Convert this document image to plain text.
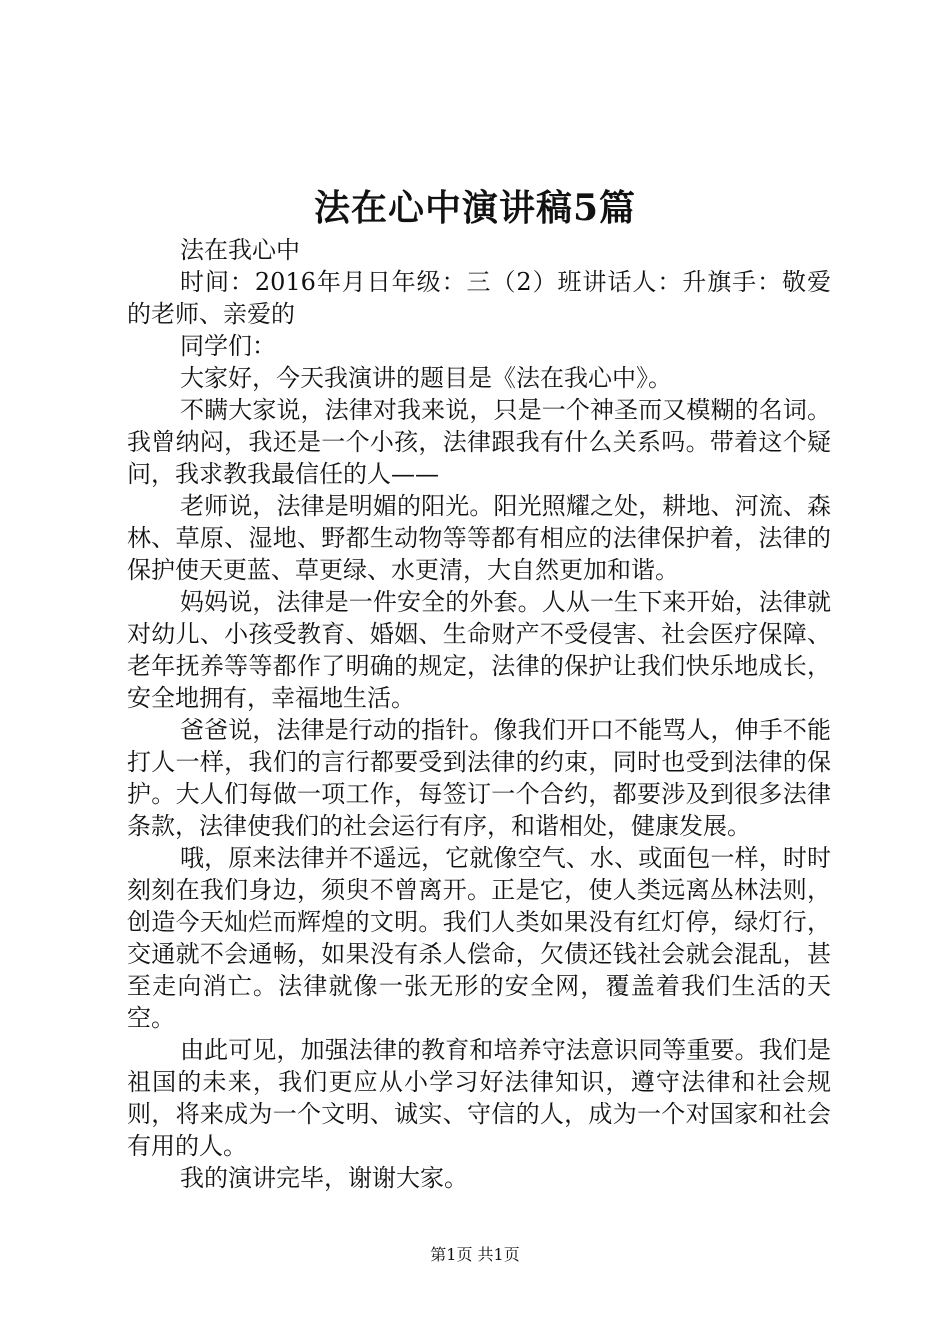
法在心中演讲稿5篇

法在我心中

时间：2016年月日年级：三（2）班讲话人：升旗手：敬爱的老师、亲爱的

同学们：

大家好，今天我演讲的题目是《法在我心中》。

不瞒大家说，法律对我来说，只是一个神圣而又模糊的名词。我曾纳闷，我还是一个小孩，法律跟我有什么关系吗。带着这个疑问，我求教我最信任的人——

老师说，法律是明媚的阳光。阳光照耀之处，耕地、河流、森林、草原、湿地、野都生动物等等都有相应的法律保护着，法律的保护使天更蓝、草更绿、水更清，大自然更加和谐。

妈妈说，法律是一件安全的外套。人从一生下来开始，法律就对幼儿、小孩受教育、婚姻、生命财产不受侵害、社会医疗保障、老年抚养等等都作了明确的规定，法律的保护让我们快乐地成长，安全地拥有，幸福地生活。

爸爸说，法律是行动的指针。像我们开口不能骂人，伸手不能打人一样，我们的言行都要受到法律的约束，同时也受到法律的保护。大人们每做一项工作，每签订一个合约，都要涉及到很多法律条款，法律使我们的社会运行有序，和谐相处，健康发展。

哦，原来法律并不遥远，它就像空气、水、或面包一样，时时刻刻在我们身边，须臾不曾离开。正是它，使人类远离丛林法则，创造今天灿烂而辉煌的文明。我们人类如果没有红灯停，绿灯行，交通就不会通畅，如果没有杀人偿命，欠债还钱社会就会混乱，甚至走向消亡。法律就像一张无形的安全网，覆盖着我们生活的天空。

由此可见，加强法律的教育和培养守法意识同等重要。我们是祖国的未来，我们更应从小学习好法律知识，遵守法律和社会规则，将来成为一个文明、诚实、守信的人，成为一个对国家和社会有用的人。

我的演讲完毕，谢谢大家。

第1页 共1页
